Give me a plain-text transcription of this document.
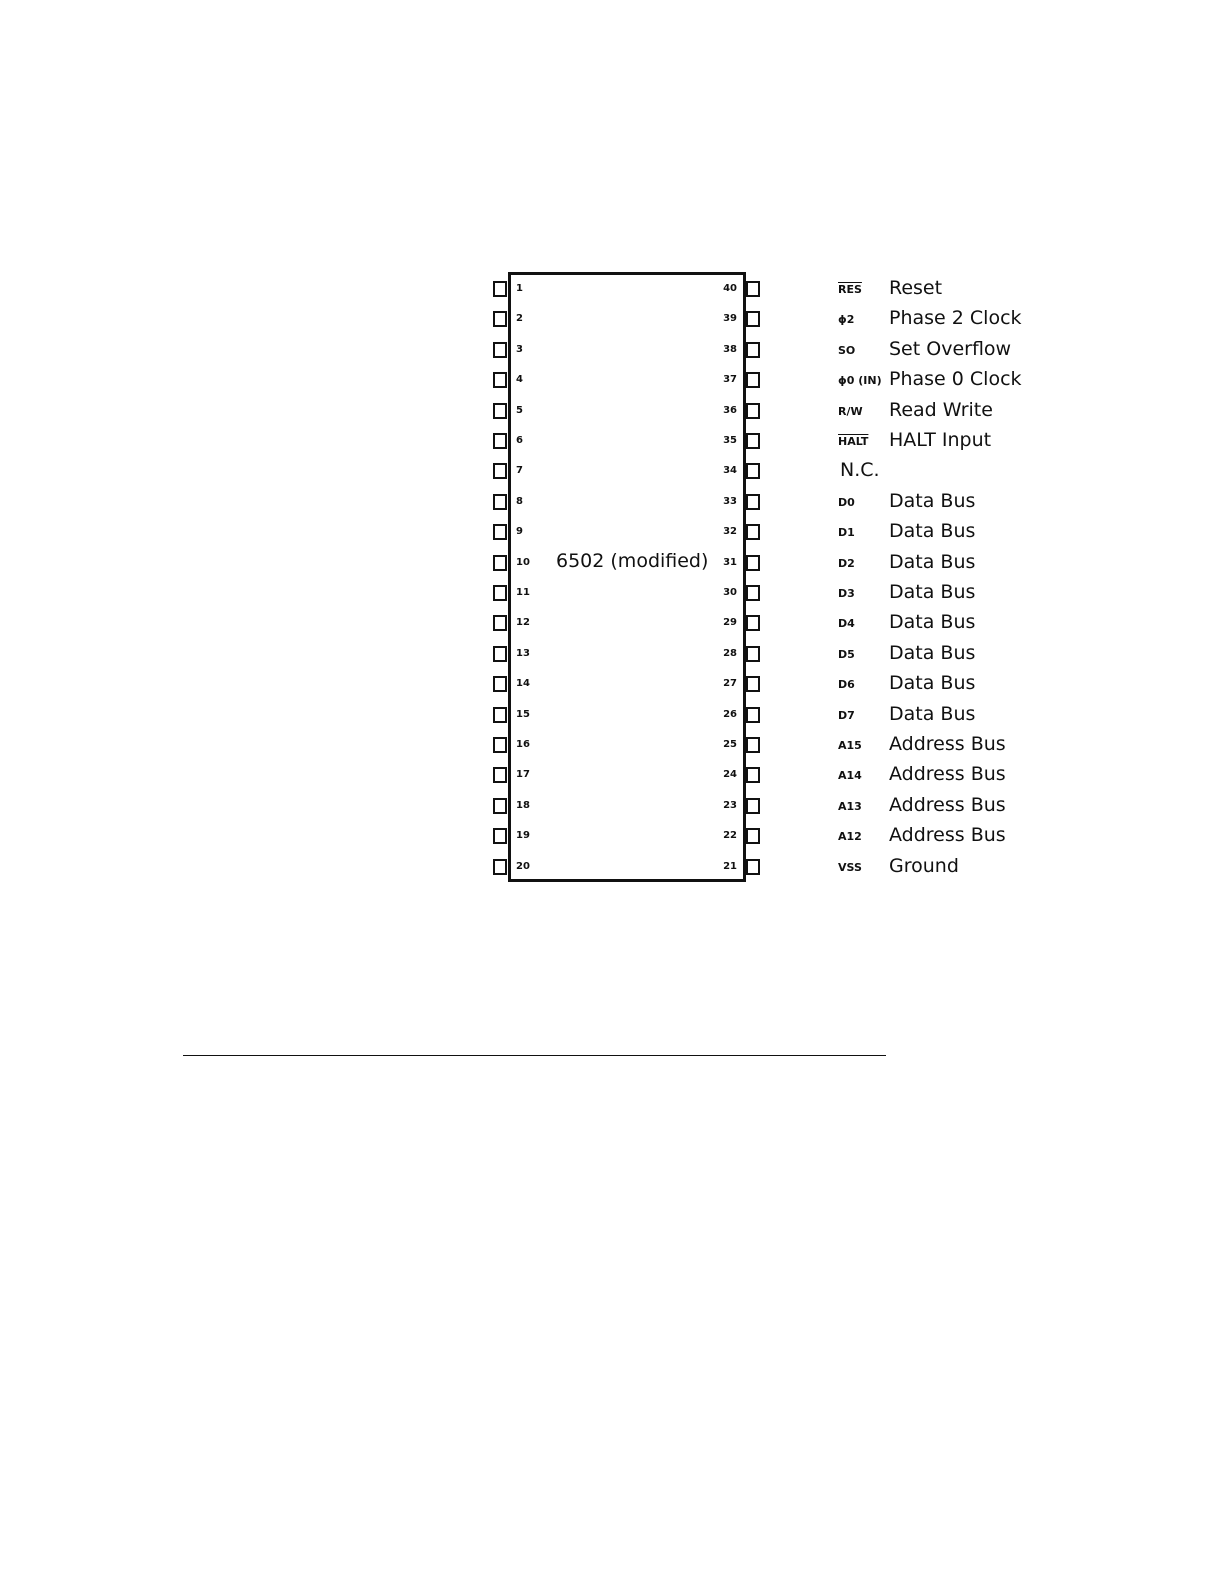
6502 (modified)
1
2
3
4
5
6
7
8
9
10
11
12
13
14
15
16
17
18
19
20
40	$\overline{RES}$ Reset
39	ϕ2 Phase 2 Clock
38	SO Set Overflow
37	ϕ0 (IN) Phase 0 Clock
36	R/W Read Write
35	HALT HALT Input
34	N.C.
33	D0 Data Bus
32	D1 Data Bus
31	D2 Data Bus
30	D3 Data Bus
29	D4 Data Bus
28	D5 Data Bus
27	D6 Data Bus
26	D7 Data Bus
25	A15 Address Bus
24	A14 Address Bus
23	A13 Address Bus
22	A12 Address Bus
21	VSS Ground
